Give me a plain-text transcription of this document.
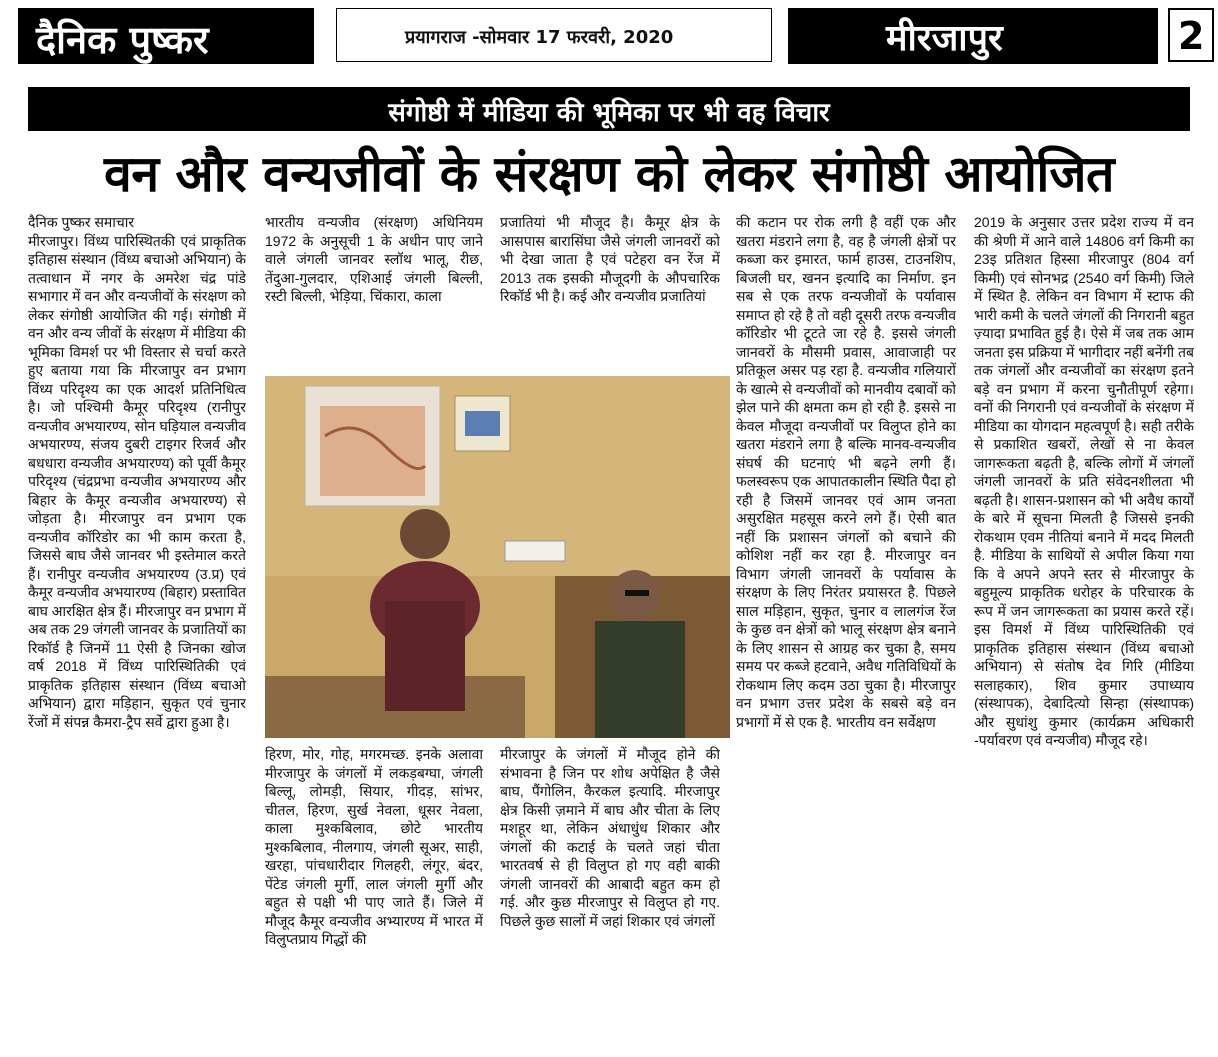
दैनिक पुष्कर	प्रयागराज -सोमवार 17 फरवरी, 2020	मीरजापुर	2
संगोष्ठी में मीडिया की भूमिका पर भी वह विचार
वन और वन्यजीवों के संरक्षण को लेकर संगोष्ठी आयोजित
दैनिक पुष्कर समाचार

मीरजापुर। विंध्य पारिस्थितकी एवं प्राकृतिक इतिहास संस्थान (विंध्य बचाओ अभियान) के तत्वाधान में नगर के अमरेश चंद्र पांडे सभागार में वन और वन्यजीवों के संरक्षण को लेकर संगोष्ठी आयोजित की गई। संगोष्ठी में वन और वन्य जीवों के संरक्षण में मीडिया की भूमिका विमर्श पर भी विस्तार से चर्चा करते हुए बताया गया कि मीरजापुर वन प्रभाग विंध्य परिदृश्य का एक आदर्श प्रतिनिधित्व है। जो पश्चिमी कैमूर परिदृश्य (रानीपुर वन्यजीव अभयारण्य, सोन घड़ियाल वन्यजीव अभयारण्य, संजय दुबरी टाइगर रिजर्व और बधधारा वन्यजीव अभयारण्य) को पूर्वी कैमूर परिदृश्य (चंद्रप्रभा वन्यजीव अभयारण्य और बिहार के कैमूर वन्यजीव अभयारण्य) से जोड़ता है। मीरजापुर वन प्रभाग एक वन्यजीव कॉरिडोर का भी काम करता है, जिससे बाघ जैसे जानवर भी इस्तेमाल करते हैं। रानीपुर वन्यजीव अभयारण्य (उ.प्र) एवं कैमूर वन्यजीव अभयारण्य (बिहार) प्रस्तावित बाघ आरक्षित क्षेत्र हैं। मीरजापुर वन प्रभाग में अब तक 29 जंगली जानवर के प्रजातियों का रिकॉर्ड है जिनमें 11 ऐसी है जिनका खोज वर्ष 2018 में विंध्य पारिस्थितिकी एवं प्राकृतिक इतिहास संस्थान (विंध्य बचाओ अभियान) द्वारा मड़िहान, सुकृत एवं चुनार रेंजों में संपन्न कैमरा-ट्रैप सर्वे द्वारा हुआ है।

भारतीय वन्यजीव (संरक्षण) अधिनियम 1972 के अनुसूची 1 के अधीन पाए जाने वाले जंगली जानवर स्लॉथ भालू, रीछ, तेंदुआ-गुलदार, एशिआई जंगली बिल्ली, रस्टी बिल्ली, भेड़िया, चिंकारा, काला

प्रजातियां भी मौजूद है। कैमूर क्षेत्र के आसपास बारासिंघा जैसे जंगली जानवरों को भी देखा जाता है एवं पटेहरा वन रेंज में 2013 तक इसकी मौजूदगी के औपचारिक रिकॉर्ड भी है। कई और वन्यजीव प्रजातियां

हिरण, मोर, गोह, मगरमच्छ. इनके अलावा मीरजापुर के जंगलों में लकड़बग्घा, जंगली बिल्लू, लोमड़ी, सियार, गीदड़, सांभर, चीतल, हिरण, सुर्ख नेवला, धूसर नेवला, काला मुश्कबिलाव, छोटे भारतीय मुश्कबिलाव, नीलगाय, जंगली सूअर, साही, खरहा, पांचधारीदार गिलहरी, लंगूर, बंदर, पेंटेड जंगली मुर्गी, लाल जंगली मुर्गी और बहुत से पक्षी भी पाए जाते हैं। जिले में मौजूद कैमूर वन्यजीव अभ्यारण्य में भारत में विलुप्तप्राय गिद्धों की

मीरजापुर के जंगलों में मौजूद होने की संभावना है जिन पर शोध अपेक्षित है जैसे बाघ, पैंगोलिन, कैरकल इत्यादि. मीरजापुर क्षेत्र किसी ज़माने में बाघ और चीता के लिए मशहूर था, लेकिन अंधाधुंध शिकार और जंगलों की कटाई के चलते जहां चीता भारतवर्ष से ही विलुप्त हो गए वही बाकी जंगली जानवरों की आबादी बहुत कम हो गई. और कुछ मीरजापुर से विलुप्त हो गए. पिछले कुछ सालों में जहां शिकार एवं जंगलों

की कटान पर रोक लगी है वहीं एक और खतरा मंडराने लगा है, वह है जंगली क्षेत्रों पर कब्जा कर इमारत, फार्म हाउस, टाउनशिप, बिजली घर, खनन इत्यादि का निर्माण. इन सब से एक तरफ वन्यजीवों के पर्यावास समाप्त हो रहे है तो वही दूसरी तरफ वन्यजीव कॉरिडोर भी टूटते जा रहे है. इससे जंगली जानवरों के मौसमी प्रवास, आवाजाही पर प्रतिकूल असर पड़ रहा है. वन्यजीव गलियारों के खात्मे से वन्यजीवों को मानवीय दबावों को झेल पाने की क्षमता कम हो रही है. इससे ना केवल मौजूदा वन्यजीवों पर विलुप्त होने का खतरा मंडराने लगा है बल्कि मानव-वन्यजीव संघर्ष की घटनाएं भी बढ़ने लगी हैं। फलस्वरूप एक आपातकालीन स्थिति पैदा हो रही है जिसमें जानवर एवं आम जनता असुरक्षित महसूस करने लगे हैं। ऐसी बात नहीं कि प्रशासन जंगलों को बचाने की कोशिश नहीं कर रहा है. मीरजापुर वन विभाग जंगली जानवरों के पर्यावास के संरक्षण के लिए निरंतर प्रयासरत है. पिछले साल मड़िहान, सुकृत, चुनार व लालगंज रेंज के कुछ वन क्षेत्रों को भालू संरक्षण क्षेत्र बनाने के लिए शासन से आग्रह कर चुका है, समय समय पर कब्जे हटवाने, अवैध गतिविधियों के रोकथाम लिए कदम उठा चुका है। मीरजापुर वन प्रभाग उत्तर प्रदेश के सबसे बड़े वन प्रभागों में से एक है. भारतीय वन सर्वेक्षण

2019 के अनुसार उत्तर प्रदेश राज्य में वन की श्रेणी में आने वाले 14806 वर्ग किमी का 23इ प्रतिशत हिस्सा मीरजापुर (804 वर्ग किमी) एवं सोनभद्र (2540 वर्ग किमी) जिले में स्थित है. लेकिन वन विभाग में स्टाफ की भारी कमी के चलते जंगलों की निगरानी बहुत ज़्यादा प्रभावित हुई है। ऐसे में जब तक आम जनता इस प्रक्रिया में भागीदार नहीं बनेंगी तब तक जंगलों और वन्यजीवों का संरक्षण इतने बड़े वन प्रभाग में करना चुनौतीपूर्ण रहेगा। वनों की निगरानी एवं वन्यजीवों के संरक्षण में मीडिया का योगदान महत्वपूर्ण है। सही तरीके से प्रकाशित खबरों, लेखों से ना केवल जागरूकता बढ़ती है, बल्कि लोगों में जंगलों जंगली जानवरों के प्रति संवेदनशीलता भी बढ़ती है। शासन-प्रशासन को भी अवैध कार्यों के बारे में सूचना मिलती है जिससे इनकी रोकथाम एवम नीतियां बनाने में मदद मिलती है. मीडिया के साथियों से अपील किया गया कि वे अपने अपने स्तर से मीरजापुर के बहुमूल्य प्राकृतिक धरोहर के परिचारक के रूप में जन जागरूकता का प्रयास करते रहें। इस विमर्श में विंध्य पारिस्थितिकी एवं प्राकृतिक इतिहास संस्थान (विंध्य बचाओ अभियान) से संतोष देव गिरि (मीडिया सलाहकार), शिव कुमार उपाध्याय (संस्थापक), देबादित्यो सिन्हा (संस्थापक) और सुधांशु कुमार (कार्यक्रम अधिकारी -पर्यावरण एवं वन्यजीव) मौजूद रहे।
